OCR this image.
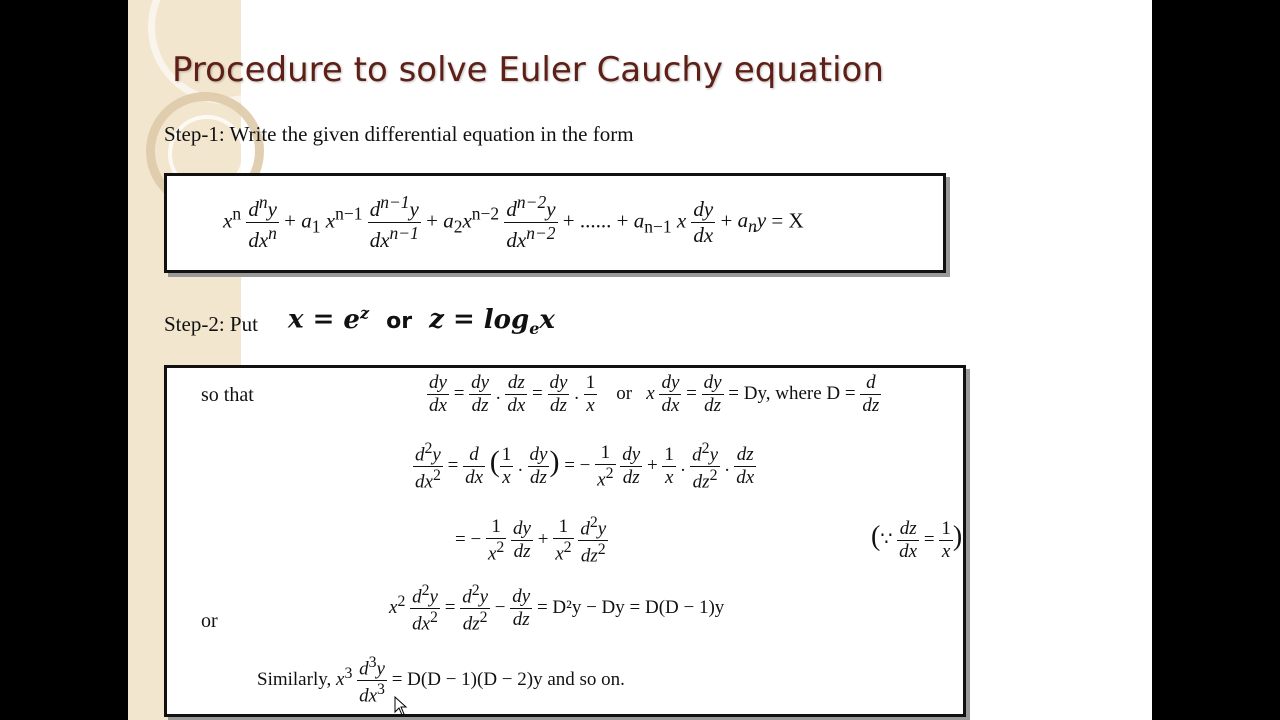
Procedure to solve Euler Cauchy equation
Step-1: Write the given differential equation in the form
$x^n \frac{d^ny}{dx^n} + a_1$ $x^{n-1} \frac{d^{n-1}y}{dx^{n-1}} + a_2x^{n-2} \frac{d^{n-2}y}{dx^{n-2}}$ + ...... + $a_{n-1}$ x $\frac{dy}{dx} + a_ny = X$
Step-2: Put $x = e^z$ or $z = \log_ex$
so that	$\frac{dy}{dx} = \frac{dy}{dz}$ . $\frac{dz}{dx} = \frac{dy}{dz}$ . $\frac{1}{x}$ or   x $\frac{dy}{dx} = \frac{dy}{dz} = Dy$, where $D = \frac{d}{dz}$
$\frac{d^2y}{dx^2} = \frac{d}{dx}$ ( $\frac{1}{x}$ . $\frac{dy}{dz}$ ) = − $\frac{1}{x^2}$
$\frac{dy}{dz} + \frac{1}{x}$ . $\frac{d^2y}{dz^2}$ . $\frac{dz}{dx}$
= − $\frac{1}{x^2}$
$\frac{dy}{dz} + \frac{1}{x^2}$
$\frac{d^2y}{dz^2}$	(∵ $\frac{dz}{dx} = \frac{1}{x}$ )
or
$x^2 \frac{d^2y}{dx^2} = \frac{d^2y}{dz^2} - \frac{dy}{dz} = D^2y - Dy = D(D - 1)y$
Similarly, $x^3 \frac{d^3y}{dx^3} = D(D - 1)(D - 2)y$ and so on.
